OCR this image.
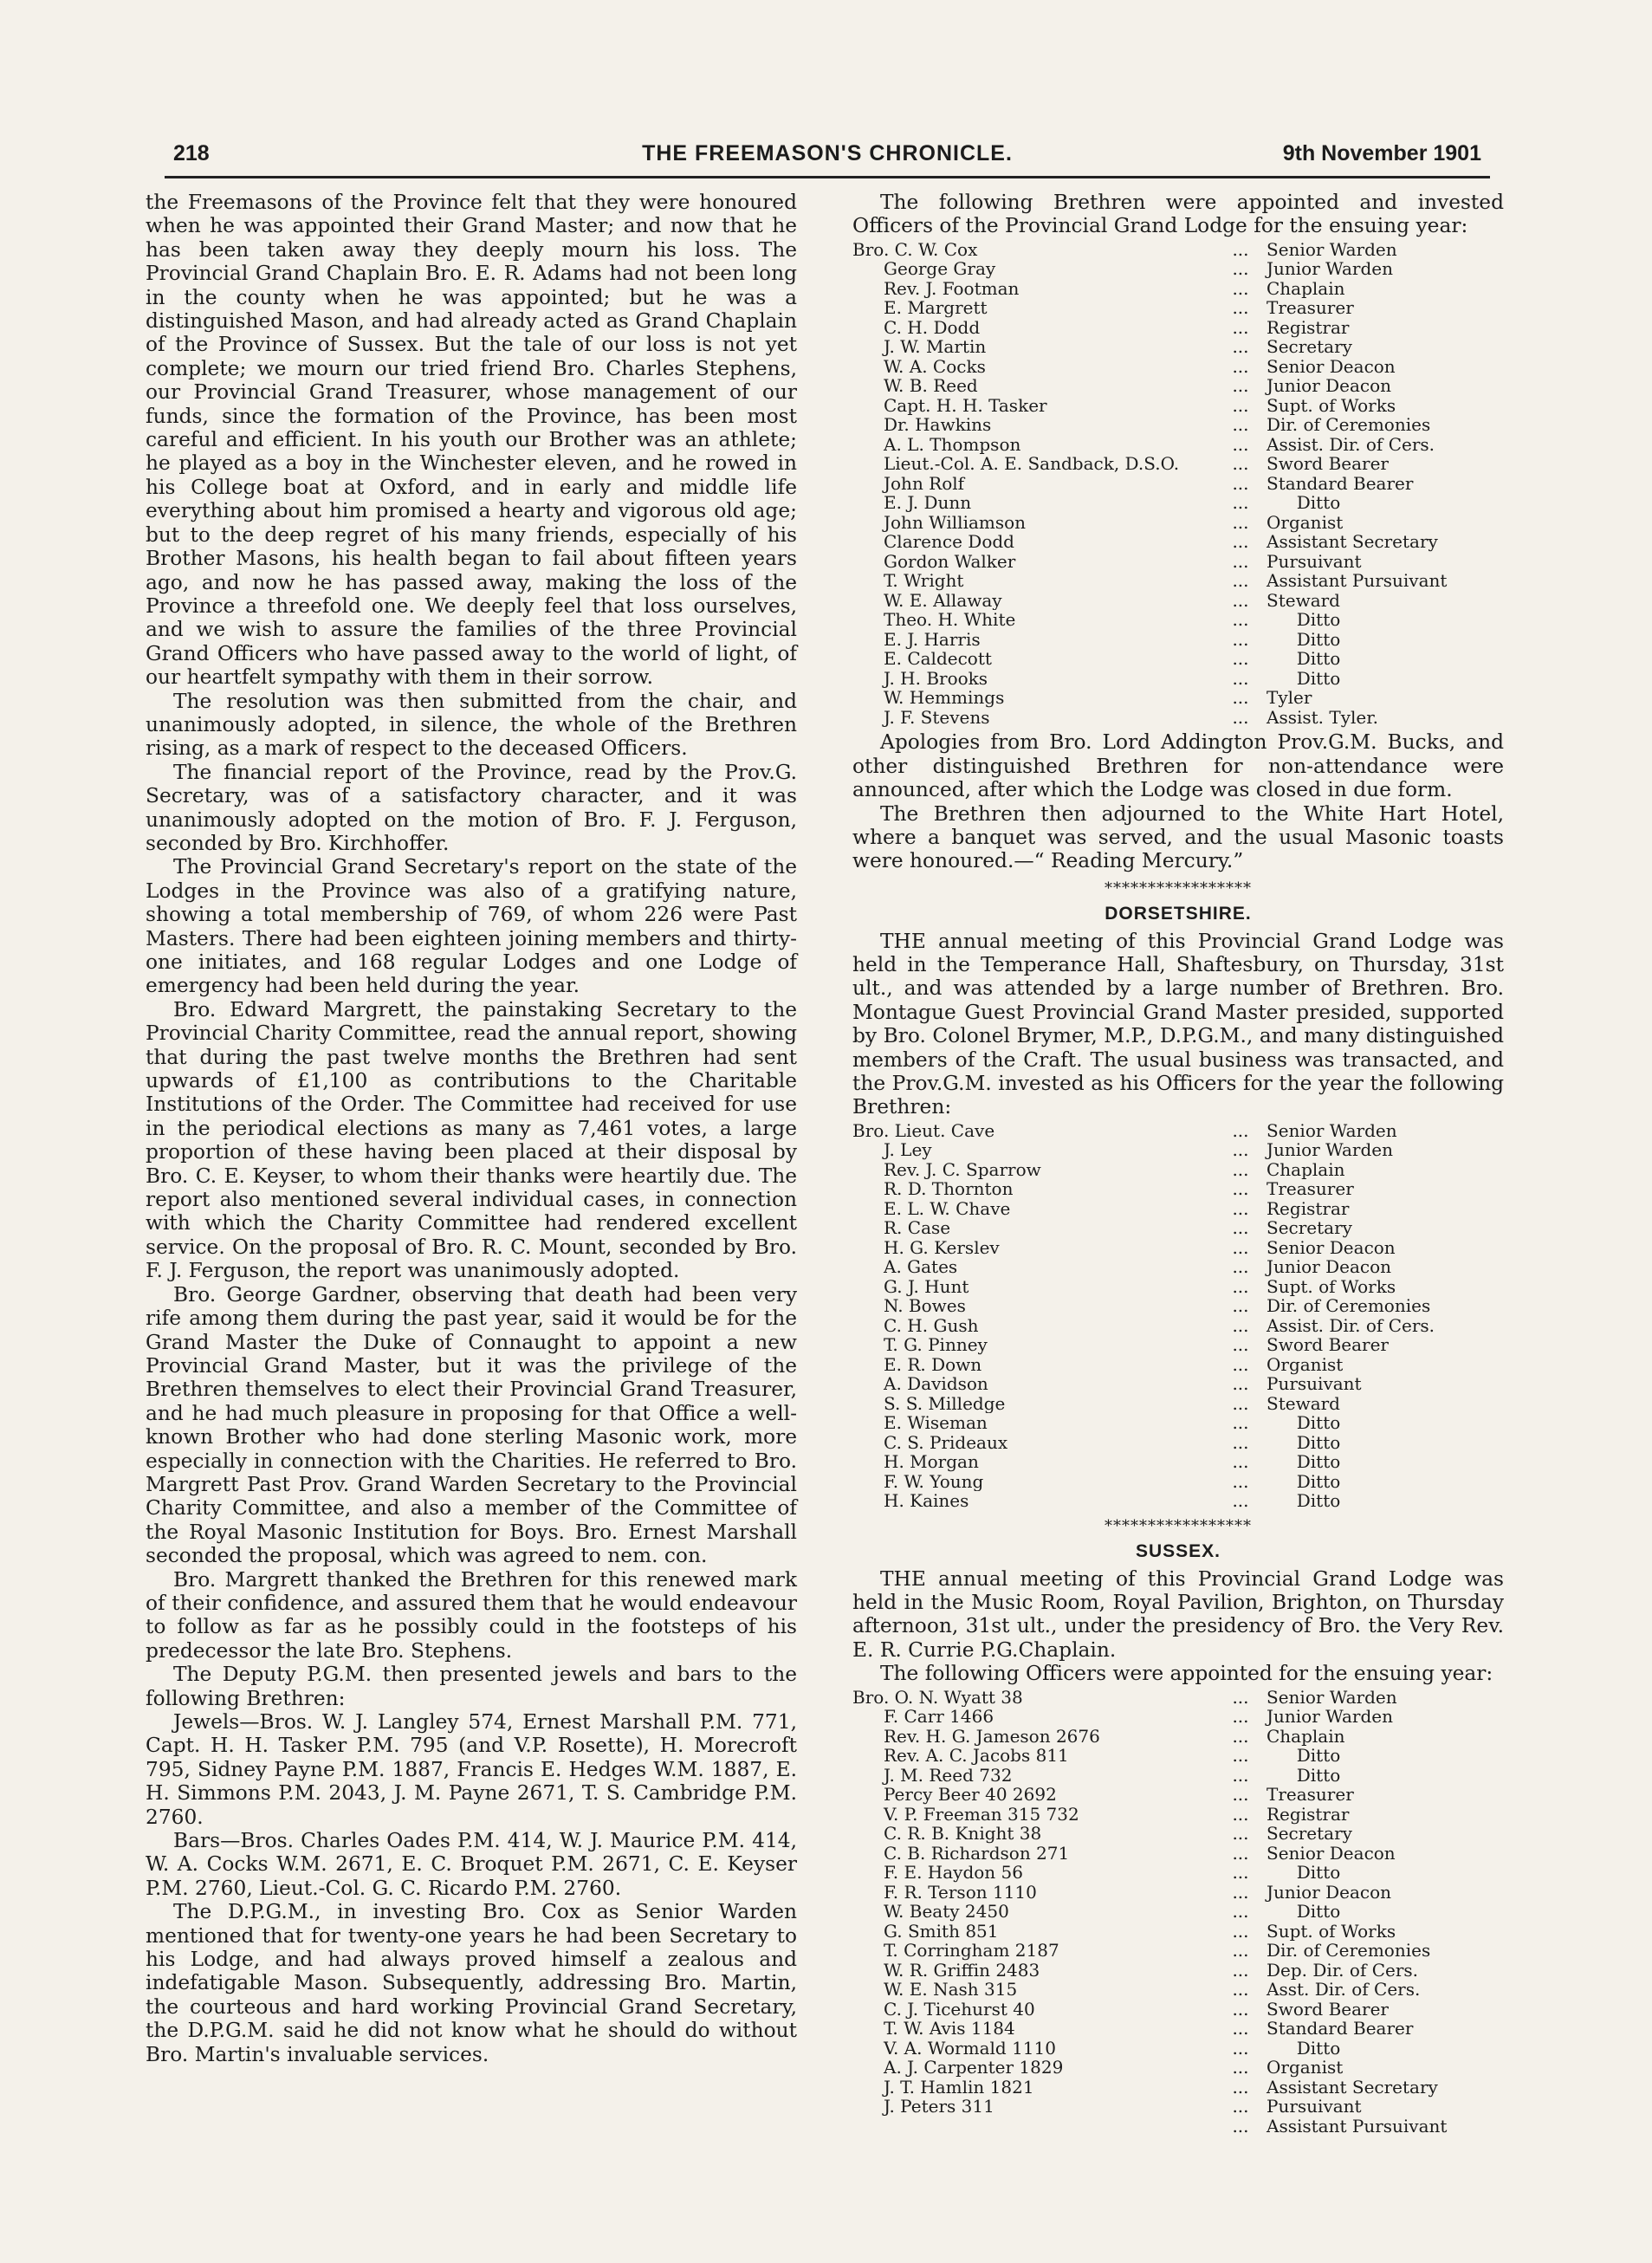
218	THE FREEMASON'S CHRONICLE.	9th November 1901

the Freemasons of the Province felt that they were honoured when he was appointed their Grand Master; and now that he has been taken away they deeply mourn his loss. The Provincial Grand Chaplain Bro. E. R. Adams had not been long in the county when he was appointed; but he was a distinguished Mason, and had already acted as Grand Chaplain of the Province of Sussex. But the tale of our loss is not yet complete; we mourn our tried friend Bro. Charles Stephens, our Provincial Grand Treasurer, whose management of our funds, since the formation of the Province, has been most careful and efficient. In his youth our Brother was an athlete; he played as a boy in the Winchester eleven, and he rowed in his College boat at Oxford, and in early and middle life everything about him promised a hearty and vigorous old age; but to the deep regret of his many friends, especially of his Brother Masons, his health began to fail about fifteen years ago, and now he has passed away, making the loss of the Province a threefold one. We deeply feel that loss ourselves, and we wish to assure the families of the three Provincial Grand Officers who have passed away to the world of light, of our heartfelt sympathy with them in their sorrow.

The resolution was then submitted from the chair, and unanimously adopted, in silence, the whole of the Brethren rising, as a mark of respect to the deceased Officers.

The financial report of the Province, read by the Prov.G. Secretary, was of a satisfactory character, and it was unanimously adopted on the motion of Bro. F. J. Ferguson, seconded by Bro. Kirchhoffer.

The Provincial Grand Secretary's report on the state of the Lodges in the Province was also of a gratifying nature, showing a total membership of 769, of whom 226 were Past Masters. There had been eighteen joining members and thirty-one initiates, and 168 regular Lodges and one Lodge of emergency had been held during the year.

Bro. Edward Margrett, the painstaking Secretary to the Provincial Charity Committee, read the annual report, showing that during the past twelve months the Brethren had sent upwards of £1,100 as contributions to the Charitable Institutions of the Order. The Committee had received for use in the periodical elections as many as 7,461 votes, a large proportion of these having been placed at their disposal by Bro. C. E. Keyser, to whom their thanks were heartily due. The report also mentioned several individual cases, in connection with which the Charity Committee had rendered excellent service. On the proposal of Bro. R. C. Mount, seconded by Bro. F. J. Ferguson, the report was unanimously adopted.

Bro. George Gardner, observing that death had been very rife among them during the past year, said it would be for the Grand Master the Duke of Connaught to appoint a new Provincial Grand Master, but it was the privilege of the Brethren themselves to elect their Provincial Grand Treasurer, and he had much pleasure in proposing for that Office a well-known Brother who had done sterling Masonic work, more especially in connection with the Charities. He referred to Bro. Margrett Past Prov. Grand Warden Secretary to the Provincial Charity Committee, and also a member of the Committee of the Royal Masonic Institution for Boys. Bro. Ernest Marshall seconded the proposal, which was agreed to nem. con.

Bro. Margrett thanked the Brethren for this renewed mark of their confidence, and assured them that he would endeavour to follow as far as he possibly could in the footsteps of his predecessor the late Bro. Stephens.

The Deputy P.G.M. then presented jewels and bars to the following Brethren:

Jewels—Bros. W. J. Langley 574, Ernest Marshall P.M. 771, Capt. H. H. Tasker P.M. 795 (and V.P. Rosette), H. Morecroft 795, Sidney Payne P.M. 1887, Francis E. Hedges W.M. 1887, E. H. Simmons P.M. 2043, J. M. Payne 2671, T. S. Cambridge P.M. 2760.

Bars—Bros. Charles Oades P.M. 414, W. J. Maurice P.M. 414, W. A. Cocks W.M. 2671, E. C. Broquet P.M. 2671, C. E. Keyser P.M. 2760, Lieut.-Col. G. C. Ricardo P.M. 2760.

The D.P.G.M., in investing Bro. Cox as Senior Warden mentioned that for twenty-one years he had been Secretary to his Lodge, and had always proved himself a zealous and indefatigable Mason. Subsequently, addressing Bro. Martin, the courteous and hard working Provincial Grand Secretary, the D.P.G.M. said he did not know what he should do without Bro. Martin's invaluable services.

The following Brethren were appointed and invested Officers of the Provincial Grand Lodge for the ensuing year:

Bro. C. W. Cox	...	Senior Warden
George Gray	...	Junior Warden
Rev. J. Footman	...	Chaplain
E. Margrett	...	Treasurer
C. H. Dodd	...	Registrar
J. W. Martin	...	Secretary
W. A. Cocks	...	Senior Deacon
W. B. Reed	...	Junior Deacon
Capt. H. H. Tasker	...	Supt. of Works
Dr. Hawkins	...	Dir. of Ceremonies
A. L. Thompson	...	Assist. Dir. of Cers.
Lieut.-Col. A. E. Sandback, D.S.O.	...	Sword Bearer
John Rolf	...	Standard Bearer
E. J. Dunn	...	Ditto
John Williamson	...	Organist
Clarence Dodd	...	Assistant Secretary
Gordon Walker	...	Pursuivant
T. Wright	...	Assistant Pursuivant
W. E. Allaway	...	Steward
Theo. H. White	...	Ditto
E. J. Harris	...	Ditto
E. Caldecott	...	Ditto
J. H. Brooks	...	Ditto
W. Hemmings	...	Tyler
J. F. Stevens	...	Assist. Tyler.

Apologies from Bro. Lord Addington Prov.G.M. Bucks, and other distinguished Brethren for non-attendance were announced, after which the Lodge was closed in due form.

The Brethren then adjourned to the White Hart Hotel, where a banquet was served, and the usual Masonic toasts were honoured.—“ Reading Mercury.”

*****************
DORSETSHIRE.

THE annual meeting of this Provincial Grand Lodge was held in the Temperance Hall, Shaftesbury, on Thursday, 31st ult., and was attended by a large number of Brethren. Bro. Montague Guest Provincial Grand Master presided, supported by Bro. Colonel Brymer, M.P., D.P.G.M., and many distinguished members of the Craft. The usual business was transacted, and the Prov.G.M. invested as his Officers for the year the following Brethren:

Bro. Lieut. Cave	...	Senior Warden
J. Ley	...	Junior Warden
Rev. J. C. Sparrow	...	Chaplain
R. D. Thornton	...	Treasurer
E. L. W. Chave	...	Registrar
R. Case	...	Secretary
H. G. Kerslev	...	Senior Deacon
A. Gates	...	Junior Deacon
G. J. Hunt	...	Supt. of Works
N. Bowes	...	Dir. of Ceremonies
C. H. Gush	...	Assist. Dir. of Cers.
T. G. Pinney	...	Sword Bearer
E. R. Down	...	Organist
A. Davidson	...	Pursuivant
S. S. Milledge	...	Steward
E. Wiseman	...	Ditto
C. S. Prideaux	...	Ditto
H. Morgan	...	Ditto
F. W. Young	...	Ditto
H. Kaines	...	Ditto
*****************
SUSSEX.

THE annual meeting of this Provincial Grand Lodge was held in the Music Room, Royal Pavilion, Brighton, on Thursday afternoon, 31st ult., under the presidency of Bro. the Very Rev. E. R. Currie P.G.Chaplain.

The following Officers were appointed for the ensuing year:

Bro. O. N. Wyatt 38	...	Senior Warden
F. Carr 1466	...	Junior Warden
Rev. H. G. Jameson 2676	...	Chaplain
Rev. A. C. Jacobs 811	...	Ditto
J. M. Reed 732	...	Ditto
Percy Beer 40 2692	...	Treasurer
V. P. Freeman 315 732	...	Registrar
C. R. B. Knight 38	...	Secretary
C. B. Richardson 271	...	Senior Deacon
F. E. Haydon 56	...	Ditto
F. R. Terson 1110	...	Junior Deacon
W. Beaty 2450	...	Ditto
G. Smith 851	...	Supt. of Works
T. Corringham 2187	...	Dir. of Ceremonies
W. R. Griffin 2483	...	Dep. Dir. of Cers.
W. E. Nash 315	...	Asst. Dir. of Cers.
C. J. Ticehurst 40	...	Sword Bearer
T. W. Avis 1184	...	Standard Bearer
V. A. Wormald 1110	...	Ditto
A. J. Carpenter 1829	...	Organist
J. T. Hamlin 1821	...	Assistant Secretary
J. Peters 311	...	Pursuivant
...	Assistant Pursuivant
